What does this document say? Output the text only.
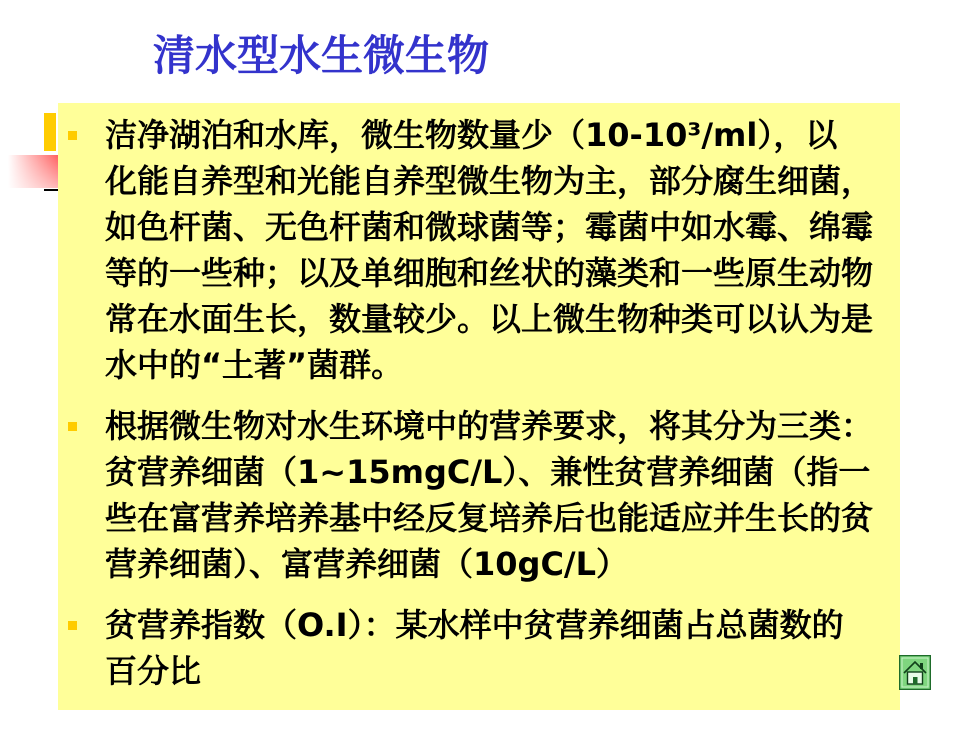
清水型水生微生物
洁净湖泊和水库，微生物数量少（10-10³/ml），以
化能自养型和光能自养型微生物为主，部分腐生细菌，
如色杆菌、无色杆菌和微球菌等；霉菌中如水霉、绵霉
等的一些种；以及单细胞和丝状的藻类和一些原生动物
常在水面生长，数量较少。以上微生物种类可以认为是
水中的“土著”菌群。
根据微生物对水生环境中的营养要求，将其分为三类：
贫营养细菌（1~15mgC/L）、兼性贫营养细菌（指一
些在富营养培养基中经反复培养后也能适应并生长的贫
营养细菌）、富营养细菌（10gC/L）
贫营养指数（O.I）：某水样中贫营养细菌占总菌数的
百分比
